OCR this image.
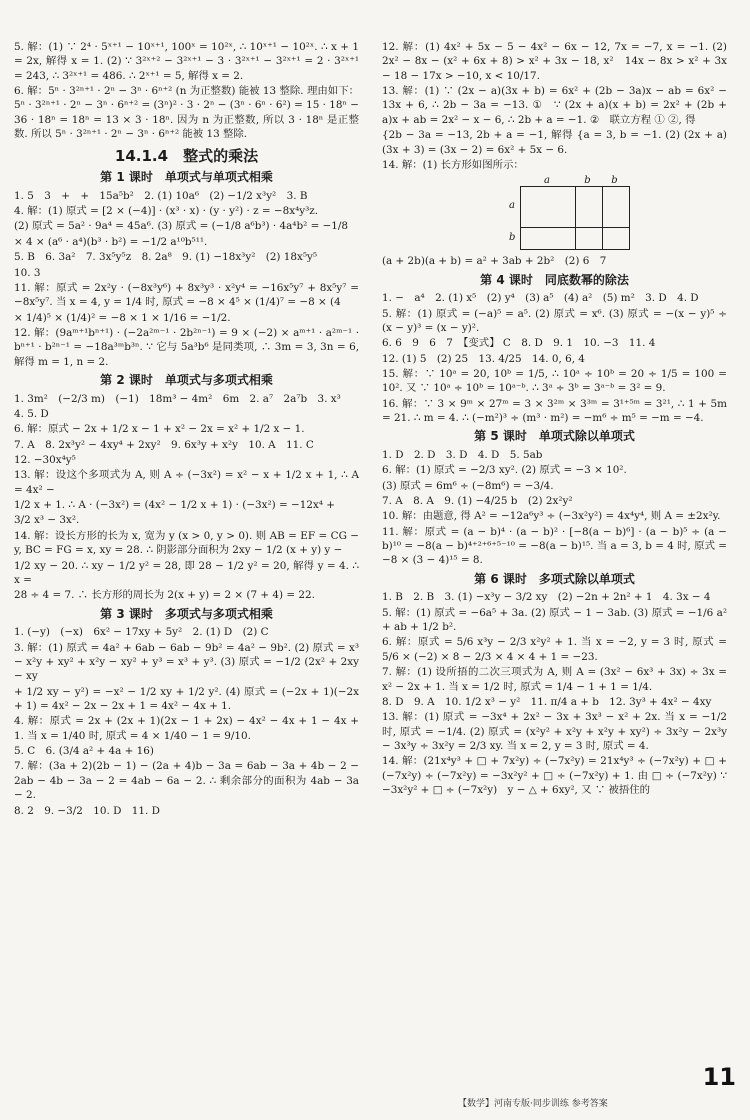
5. 解：(1) ∵ 2⁴ · 5ˣ⁺¹ − 10ˣ⁺¹, 100ˣ = 10²ˣ, ∴ 10ˣ⁺¹ − 10²ˣ. ∴ x + 1 = 2x, 解得 x = 1. (2) ∵ 3²ˣ⁺² − 3²ˣ⁺¹ − 3 · 3²ˣ⁺¹ − 3²ˣ⁺¹ = 2 · 3²ˣ⁺¹ = 243, ∴ 3²ˣ⁺¹ = 486. ∴ 2ˣ⁺¹ = 5, 解得 x = 2.

6. 解：5ⁿ · 3²ⁿ⁺¹ · 2ⁿ − 3ⁿ · 6ⁿ⁺² (n 为正整数) 能被 13 整除. 理由如下：5ⁿ · 3²ⁿ⁺¹ · 2ⁿ − 3ⁿ · 6ⁿ⁺² = (3ⁿ)² · 3 · 2ⁿ − (3ⁿ · 6ⁿ · 6²) = 15 · 18ⁿ − 36 · 18ⁿ = 18ⁿ = 13 × 3 · 18ⁿ. 因为 n 为正整数, 所以 3 · 18ⁿ 是正整数. 所以 5ⁿ · 3²ⁿ⁺¹ · 2ⁿ − 3ⁿ · 6ⁿ⁺² 能被 13 整除.

14.1.4　整式的乘法
第 1 课时　单项式与单项式相乘

1. 5　3　+　+　15a⁵b²　2. (1) 10a⁶　(2) −1/2 x³y²　3. B

4. 解：(1) 原式 = [2 × (−4)] · (x³ · x) · (y · y²) · z = −8x⁴y³z.

(2) 原式 = 5a² · 9a⁴ = 45a⁶. (3) 原式 = (−1/8 a⁶b³) · 4a⁴b² = −1/8

× 4 × (a⁶ · a⁴)(b³ · b²) = −1/2 a¹⁰b⁵¹¹.

5. B　6. 3a²　7. 3x⁵y⁵z　8. 2a⁸　9. (1) −18x³y²　(2) 18x⁵y⁵

10. 3

11. 解：原式 = 2x²y · (−8x³y⁶) + 8x³y³ · x²y⁴ = −16x⁵y⁷ + 8x⁵y⁷ = −8x⁵y⁷. 当 x = 4, y = 1/4 时, 原式 = −8 × 4⁵ × (1/4)⁷ = −8 × (4

× 1/4)⁵ × (1/4)² = −8 × 1 × 1/16 = −1/2.

12. 解：(9aᵐ⁺¹bⁿ⁺¹) · (−2a²ᵐ⁻¹ · 2b²ⁿ⁻¹) = 9 × (−2) × aᵐ⁺¹ · a²ᵐ⁻¹ · bⁿ⁺¹ · b²ⁿ⁻¹ = −18a³ᵐb³ⁿ. ∵ 它与 5a³b⁶ 是同类项, ∴ 3m = 3, 3n = 6, 解得 m = 1, n = 2.

第 2 课时　单项式与多项式相乘

1. 3m²　(−2/3 m)　(−1)　18m³ − 4m²　6m　2. a⁷　2a⁷b　3. x³

4. 5. D

6. 解：原式 − 2x + 1/2 x − 1 + x² − 2x = x² + 1/2 x − 1.

7. A　8. 2x³y² − 4xy⁴ + 2xy²　9. 6x³y + x²y　10. A　11. C

12. −30x⁴y⁵

13. 解：设这个多项式为 A, 则 A ÷ (−3x²) = x² − x + 1/2 x + 1, ∴ A = 4x² −

1/2 x + 1. ∴ A · (−3x²) = (4x² − 1/2 x + 1) · (−3x²) = −12x⁴ +

3/2 x³ − 3x².

14. 解：设长方形的长为 x, 宽为 y (x > 0, y > 0). 则 AB = EF = CG − y, BC = FG = x, xy = 28. ∴ 阴影部分面积为 2xy − 1/2 (x + y) y −

1/2 xy − 20. ∴ xy − 1/2 y² = 28, 即 28 − 1/2 y² = 20, 解得 y = 4. ∴ x =

28 ÷ 4 = 7. ∴ 长方形的周长为 2(x + y) = 2 × (7 + 4) = 22.

第 3 课时　多项式与多项式相乘

1. (−y)　(−x)　6x² − 17xy + 5y²　2. (1) D　(2) C

3. 解：(1) 原式 = 4a² + 6ab − 6ab − 9b² = 4a² − 9b². (2) 原式 = x³ − x²y + xy² + x²y − xy² + y³ = x³ + y³. (3) 原式 = −1/2 (2x² + 2xy − xy

+ 1/2 xy − y²) = −x² − 1/2 xy + 1/2 y². (4) 原式 = (−2x + 1)(−2x + 1) = 4x² − 2x − 2x + 1 = 4x² − 4x + 1.

4. 解：原式 = 2x + (2x + 1)(2x − 1 + 2x) − 4x² − 4x + 1 − 4x + 1. 当 x = 1/40 时, 原式 = 4 × 1/40 − 1 = 9/10.

5. C　6. (3/4 a² + 4a + 16)

7. 解：(3a + 2)(2b − 1) − (2a + 4)b − 3a = 6ab − 3a + 4b − 2 − 2ab − 4b − 3a − 2 = 4ab − 6a − 2. ∴ 剩余部分的面积为 4ab − 3a − 2.

8. 2　9. −3/2　10. D　11. D

12. 解：(1) 4x² + 5x − 5 − 4x² − 6x − 12, 7x = −7, x = −1. (2) 2x² − 8x − (x² + 6x + 8) > x² + 3x − 18, x²　14x − 8x > x² + 3x − 18 − 17x > −10, x < 10/17.

13. 解：(1) ∵ (2x − a)(3x + b) = 6x² + (2b − 3a)x − ab = 6x² − 13x + 6, ∴ 2b − 3a = −13. ①　∵ (2x + a)(x + b) = 2x² + (2b + a)x + ab = 2x² − x − 6, ∴ 2b + a = −1. ②　联立方程 ① ②, 得

{2b − 3a = −13, 2b + a = −1, 解得 {a = 3, b = −1. (2) (2x + a)(3x + 3) = (3x − 2) = 6x² + 5x − 6.

14. 解：(1) 长方形如图所示：

a	b	b
a
b

(a + 2b)(a + b) = a² + 3ab + 2b²　(2) 6　7

第 4 课时　同底数幂的除法

1. −　a⁴　2. (1) x⁵　(2) y⁴　(3) a⁵　(4) a²　(5) m²　3. D　4. D

5. 解：(1) 原式 = (−a)⁵ = a⁵. (2) 原式 = x⁶. (3) 原式 = −(x − y)⁵ ÷ (x − y)³ = (x − y)².

6. 6　9　6　7　【变式】 C　8. D　9. 1　10. −3　11. 4

12. (1) 5　(2) 25　13. 4/25　14. 0, 6, 4

15. 解：∵ 10ᵃ = 20, 10ᵇ = 1/5, ∴ 10ᵃ ÷ 10ᵇ = 20 ÷ 1/5 = 100 = 10². 又 ∵ 10ᵃ ÷ 10ᵇ = 10ᵃ⁻ᵇ. ∴ 3ᵃ ÷ 3ᵇ = 3ᵃ⁻ᵇ = 3² = 9.

16. 解：∵ 3 × 9ᵐ × 27ᵐ = 3 × 3²ᵐ × 3³ᵐ = 3¹⁺⁵ᵐ = 3²¹, ∴ 1 + 5m = 21. ∴ m = 4. ∴ (−m²)³ ÷ (m³ · m²) = −m⁶ ÷ m⁵ = −m = −4.

第 5 课时　单项式除以单项式

1. D　2. D　3. D　4. D　5. 5ab

6. 解：(1) 原式 = −2/3 xy². (2) 原式 = −3 × 10².

(3) 原式 = 6m⁶ ÷ (−8m⁶) = −3/4.

7. A　8. A　9. (1) −4/25 b　(2) 2x²y²

10. 解：由题意, 得 A² = −12a⁶y³ ÷ (−3x²y²) = 4x⁴y⁴, 则 A = ±2x²y.

11. 解：原式 = (a − b)⁴ · (a − b)² · [−8(a − b)⁶] · (a − b)⁵ ÷ (a − b)¹⁰ = −8(a − b)⁴⁺²⁺⁶⁺⁵⁻¹⁰ = −8(a − b)¹⁵. 当 a = 3, b = 4 时, 原式 = −8 × (3 − 4)¹⁵ = 8.

第 6 课时　多项式除以单项式

1. B　2. B　3. (1) −x³y − 3/2 xy　(2) −2n + 2n² + 1　4. 3x − 4

5. 解：(1) 原式 = −6a⁵ + 3a. (2) 原式 − 1 − 3ab. (3) 原式 = −1/6 a² + ab + 1/2 b².

6. 解：原式 = 5/6 x³y − 2/3 x²y² + 1. 当 x = −2, y = 3 时, 原式 = 5/6 × (−2) × 8 − 2/3 × 4 × 4 + 1 = −23.

7. 解：(1) 设所捂的二次三项式为 A, 则 A = (3x² − 6x³ + 3x) ÷ 3x = x² − 2x + 1. 当 x = 1/2 时, 原式 = 1/4 − 1 + 1 = 1/4.

8. D　9. A　10. 1/2 x³ − y²　11. π/4 a + b　12. 3y³ + 4x² − 4xy

13. 解：(1) 原式 = −3x⁴ + 2x² − 3x + 3x³ − x² + 2x. 当 x = −1/2 时, 原式 = −1/4. (2) 原式 = (x²y² + x²y + x²y + xy²) ÷ 3x²y − 2x³y − 3x³y ÷ 3x²y = 2/3 xy. 当 x = 2, y = 3 时, 原式 = 4.

14. 解：(21x⁴y³ + □ + 7x²y) ÷ (−7x²y) = 21x⁴y³ ÷ (−7x²y) + □ + (−7x²y) ÷ (−7x²y) = −3x²y² + □ ÷ (−7x²y) + 1. 由 □ ÷ (−7x²y) ∵ −3x²y² + □ ÷ (−7x²y)　y − △ + 6xy², 又 ∵ 被捂住的

11
【数学】河南专版·同步训练 参考答案
